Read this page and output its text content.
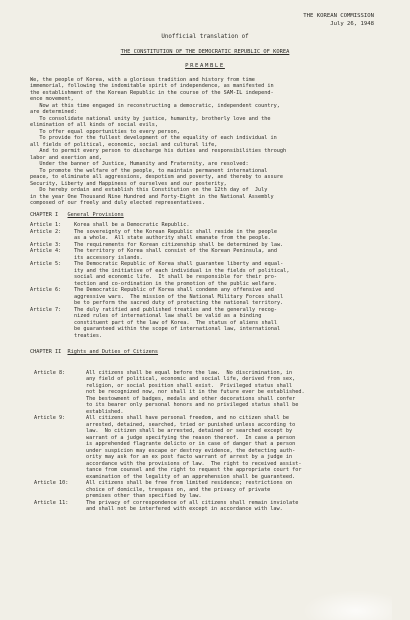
THE KOREAN COMMISSION
July 26, 1948
Unofficial translation of
THE CONSTITUTION OF THE DEMOCRATIC REPUBLIC OF KOREA
PREAMBLE
We, the people of Korea, with a glorious tradition and history from time
immemorial, following the indomitable spirit of independence, as manifested in
the establishment of the Korean Republic in the course of the SAM-IL independ-
ence movement,
Now at this time engaged in reconstructing a democratic, independent country,
are determined:
To consolidate national unity by justice, humanity, brotherly love and the
elimination of all kinds of social evils,
To offer equal opportunities to every person,
To provide for the fullest development of the equality of each individual in
all fields of political, economic, social and cultural life,
And to permit every person to discharge his duties and responsibilities through
labor and exertion and,
Under the banner of Justice, Humanity and Fraternity, are resolved:
To promote the welfare of the people, to maintain permanent international
peace, to eliminate all aggressions, despotism and poverty, and thereby to assure
Security, Liberty and Happiness of ourselves and our posterity,
Do hereby ordain and establish this Constitution on the 12th day of  July
in the year One Thousand Nine Hundred and Forty-Eight in the National Assembly
composed of our freely and duly elected representatives.
CHAPTER I General Provisions
Article 1:	Korea shall be a Democratic Republic.
Article 2:	The sovereignty of the Korean Republic shall reside in the people
as a whole.  All state authority shall emanate from the people.
Article 3:	The requirements for Korean citizenship shall be determined by law.
Article 4:	The territory of Korea shall consist of the Korean Peninsula, and
its accessory islands.
Article 5:	The Democratic Republic of Korea shall guarantee liberty and equal-
ity and the initiative of each individual in the fields of political,
social and economic life.  It shall be responsible for their pro-
tection and co-ordination in the promotion of the public welfare.
Article 6:	The Democratic Republic of Korea shall condemn any offensive and
aggressive wars.  The mission of the National Military Forces shall
be to perform the sacred duty of protecting the national territory.
Article 7:	The duly ratified and published treaties and the generally recog-
nized rules of international law shall be valid as a binding
constituent part of the law of Korea.  The status of aliens shall
be guaranteed within the scope of international law, international
treaties.
CHAPTER II Rights and Duties of Citizens
Article 8:	All citizens shall be equal before the law.  No discrimination, in
any field of political, economic and social life, derived from sex,
religion, or social position shall exist.  Privileged status shall
not be recognized now, nor shall it in the future ever be established.
The bestowment of badges, medals and other decorations shall confer
to its bearer only personal honors and no privileged status shall be
established.
Article 9:	All citizens shall have personal freedom, and no citizen shall be
arrested, detained, searched, tried or punished unless according to
law.  No citizen shall be arrested, detained or searched except by
warrant of a judge specifying the reason thereof.  In case a person
is apprehended flagrante delicto or in case of danger that a person
under suspicion may escape or destroy evidence, the detecting auth-
ority may ask for an ex post facto warrant of arrest by a judge in
accordance with the provisions of law.  The right to received assist-
tance from counsel and the right to request the appropriate court for
examination of the legality of an apprehension shall be guaranteed.
Article 10:	All citizens shall be free from limited residence; restrictions on
choice of domicile, trespass on, and the privacy of private
premises other than specified by law.
Article 11:	The privacy of correspondence of all citizens shall remain inviolate
and shall not be interfered with except in accordance with law.
